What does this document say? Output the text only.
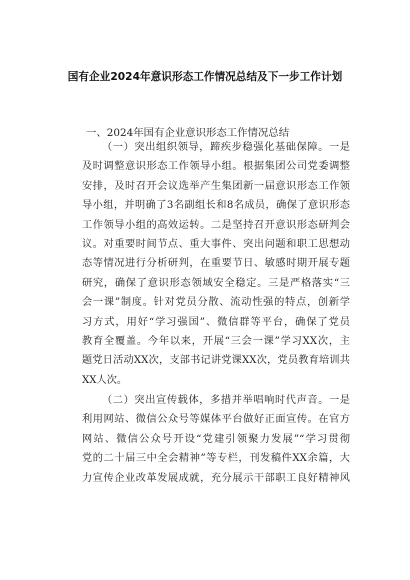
国有企业2024年意识形态工作情况总结及下一步工作计划
一、2024年国有企业意识形态工作情况总结
（一）突出组织领导，蹄疾步稳强化基础保障。一是
及时调整意识形态工作领导小组。根据集团公司党委调整
安排，及时召开会议选举产生集团新一届意识形态工作领
导小组，并明确了3名副组长和8名成员，确保了意识形态
工作领导小组的高效运转。二是坚持召开意识形态研判会
议。对重要时间节点、重大事件、突出问题和职工思想动
态等情况进行分析研判，在重要节日、敏感时期开展专题
研究，确保了意识形态领域安全稳定。三是严格落实“三
会一课”制度。针对党员分散、流动性强的特点，创新学
习方式，用好“学习强国”、微信群等平台，确保了党员
教育全覆盖。今年以来，开展“三会一课”学习XX次，主
题党日活动XX次，支部书记讲党课XX次，党员教育培训共
XX人次。
（二）突出宣传载体，多措并举唱响时代声音。一是
利用网站、微信公众号等媒体平台做好正面宣传。在官方
网站、微信公众号开设“党建引领聚力发展”“学习贯彻
党的二十届三中全会精神”等专栏，刊发稿件XX余篇，大
力宣传企业改革发展成就，充分展示干部职工良好精神风
